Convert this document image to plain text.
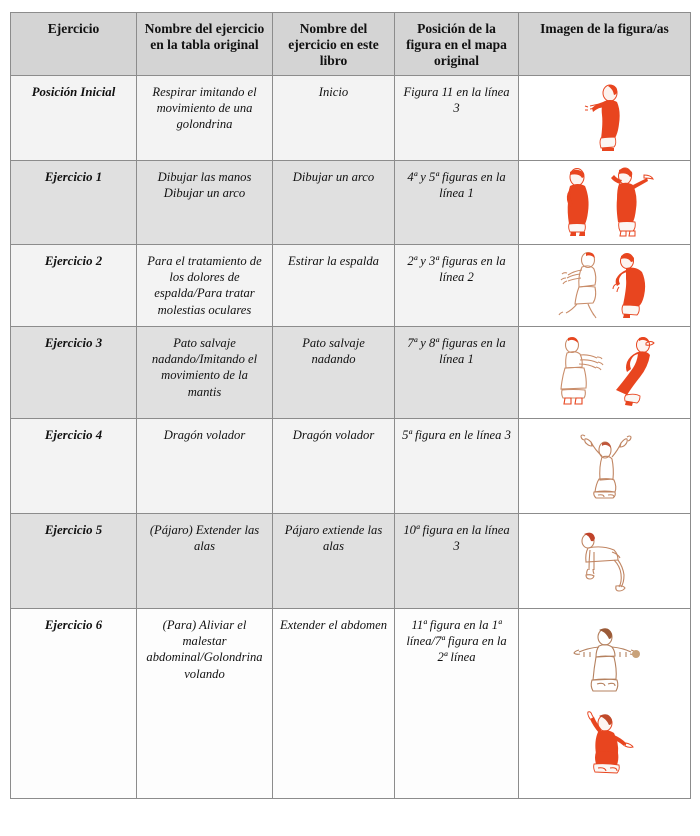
Ejercicio	Nombre del ejercicio en la tabla original	Nombre del ejercicio en este libro	Posición de la figura en el mapa original	Imagen de la figura/as
Posición Inicial	Respirar imitando el movimiento de una golondrina	Inicio	Figura 11 en la línea 3	

Ejercicio 1	Dibujar las manos Dibujar un arco	Dibujar un arco	4ª y 5ª figuras en la línea 1	

Ejercicio 2	Para el tratamiento de los dolores de espalda/Para tratar molestias oculares	Estirar la espalda	2ª y 3ª figuras en la línea 2	

Ejercicio 3	Pato salvaje nadando/Imitando el movimiento de la mantis	Pato salvaje nadando	7ª y 8ª figuras en la línea 1	

Ejercicio 4	Dragón volador	Dragón volador	5ª figura en le línea 3	

Ejercicio 5	(Pájaro) Extender las alas	Pájaro extiende las alas	10ª figura en la línea 3	

Ejercicio 6	(Para) Aliviar el malestar abdominal/Golondrina volando	Extender el abdomen	11ª figura en la 1ª línea/7ª figura en la 2ª línea	
